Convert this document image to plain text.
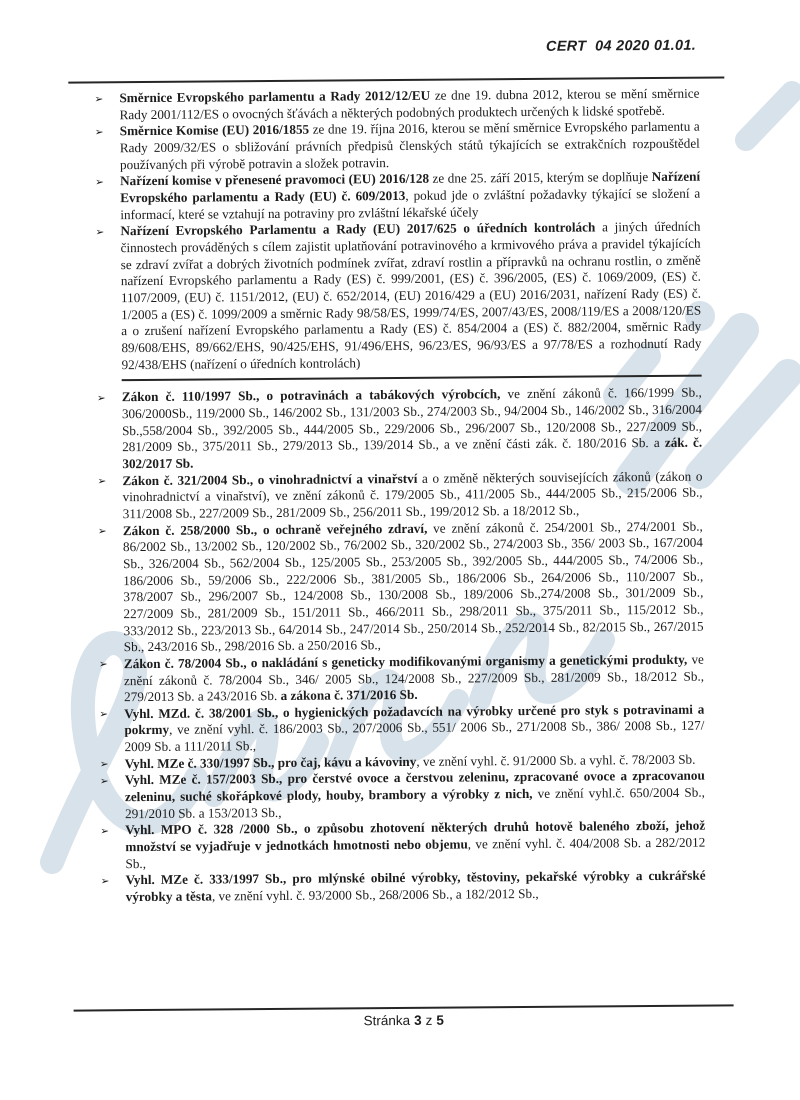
CERT  04 2020 01.01.
➢ Směrnice Evropského parlamentu a Rady 2012/12/EU ze dne 19. dubna 2012, kterou se mění směrnice Rady 2001/112/ES o ovocných šťávách a některých podobných produktech určených k lidské spotřebě.
➢ Směrnice Komise (EU) 2016/1855 ze dne 19. října 2016, kterou se mění směrnice Evropského parlamentu a Rady 2009/32/ES o sbližování právních předpisů členských států týkajících se extrakčních rozpouštědel používaných při výrobě potravin a složek potravin.
➢ Nařízení komise v přenesené pravomoci (EU) 2016/128 ze dne 25. září 2015, kterým se doplňuje Nařízení Evropského parlamentu a Rady (EU) č. 609/2013, pokud jde o zvláštní požadavky týkající se složení a informací, které se vztahují na potraviny pro zvláštní lékařské účely
➢ Nařízení Evropského Parlamentu a Rady (EU) 2017/625 o úředních kontrolách a jiných úředních činnostech prováděných s cílem zajistit uplatňování potravinového a krmivového práva a pravidel týkajících se zdraví zvířat a dobrých životních podmínek zvířat, zdraví rostlin a přípravků na ochranu rostlin, o změně nařízení Evropského parlamentu a Rady (ES) č. 999/2001, (ES) č. 396/2005, (ES) č. 1069/2009, (ES) č. 1107/2009, (EU) č. 1151/2012, (EU) č. 652/2014, (EU) 2016/429 a (EU) 2016/2031, nařízení Rady (ES) č. 1/2005 a (ES) č. 1099/2009 a směrnic Rady 98/58/ES, 1999/74/ES, 2007/43/ES, 2008/119/ES a 2008/120/ES a o zrušení nařízení Evropského parlamentu a Rady (ES) č. 854/2004 a (ES) č. 882/2004, směrnic Rady 89/608/EHS, 89/662/EHS, 90/425/EHS, 91/496/EHS, 96/23/ES, 96/93/ES a 97/78/ES a rozhodnutí Rady 92/438/EHS (nařízení o úředních kontrolách)
➢ Zákon č. 110/1997 Sb., o potravinách a tabákových výrobcích, ve znění zákonů č. 166/1999 Sb., 306/2000Sb., 119/2000 Sb., 146/2002 Sb., 131/2003 Sb., 274/2003 Sb., 94/2004 Sb., 146/2002 Sb., 316/2004 Sb.,558/2004 Sb., 392/2005 Sb., 444/2005 Sb., 229/2006 Sb., 296/2007 Sb., 120/2008 Sb., 227/2009 Sb., 281/2009 Sb., 375/2011 Sb., 279/2013 Sb., 139/2014 Sb., a ve znění části zák. č. 180/2016 Sb. a zák. č. 302/2017 Sb.
➢ Zákon č. 321/2004 Sb., o vinohradnictví a vinařství a o změně některých souvisejících zákonů (zákon o vinohradnictví a vinařství), ve znění zákonů č. 179/2005 Sb., 411/2005 Sb., 444/2005 Sb., 215/2006 Sb., 311/2008 Sb., 227/2009 Sb., 281/2009 Sb., 256/2011 Sb., 199/2012 Sb. a 18/2012 Sb.,
➢ Zákon č. 258/2000 Sb., o ochraně veřejného zdraví, ve znění zákonů č. 254/2001 Sb., 274/2001 Sb., 86/2002 Sb., 13/2002 Sb., 120/2002 Sb., 76/2002 Sb., 320/2002 Sb., 274/2003 Sb., 356/ 2003 Sb., 167/2004 Sb., 326/2004 Sb., 562/2004 Sb., 125/2005 Sb., 253/2005 Sb., 392/2005 Sb., 444/2005 Sb., 74/2006 Sb., 186/2006 Sb., 59/2006 Sb., 222/2006 Sb., 381/2005 Sb., 186/2006 Sb., 264/2006 Sb., 110/2007 Sb., 378/2007 Sb., 296/2007 Sb., 124/2008 Sb., 130/2008 Sb., 189/2006 Sb.,274/2008 Sb., 301/2009 Sb., 227/2009 Sb., 281/2009 Sb., 151/2011 Sb., 466/2011 Sb., 298/2011 Sb., 375/2011 Sb., 115/2012 Sb., 333/2012 Sb., 223/2013 Sb., 64/2014 Sb., 247/2014 Sb., 250/2014 Sb., 252/2014 Sb., 82/2015 Sb., 267/2015 Sb., 243/2016 Sb., 298/2016 Sb. a 250/2016 Sb.,
➢ Zákon č. 78/2004 Sb., o nakládání s geneticky modifikovanými organismy a genetickými produkty, ve znění zákonů č. 78/2004 Sb., 346/ 2005 Sb., 124/2008 Sb., 227/2009 Sb., 281/2009 Sb., 18/2012 Sb., 279/2013 Sb. a 243/2016 Sb. a zákona č. 371/2016 Sb.
➢ Vyhl. MZd. č. 38/2001 Sb., o hygienických požadavcích na výrobky určené pro styk s potravinami a pokrmy, ve znění vyhl. č. 186/2003 Sb., 207/2006 Sb., 551/ 2006 Sb., 271/2008 Sb., 386/ 2008 Sb., 127/ 2009 Sb. a 111/2011 Sb.,
➢ Vyhl. MZe č. 330/1997 Sb., pro čaj, kávu a kávoviny, ve znění vyhl. č. 91/2000 Sb. a vyhl. č. 78/2003 Sb.
➢ Vyhl. MZe č. 157/2003 Sb., pro čerstvé ovoce a čerstvou zeleninu, zpracované ovoce a zpracovanou zeleninu, suché skořápkové plody, houby, brambory a výrobky z nich, ve znění vyhl.č. 650/2004 Sb., 291/2010 Sb. a 153/2013 Sb.,
➢ Vyhl. MPO č. 328 /2000 Sb., o způsobu zhotovení některých druhů hotově baleného zboží, jehož množství se vyjadřuje v jednotkách hmotnosti nebo objemu, ve znění vyhl. č. 404/2008 Sb. a 282/2012 Sb.,
➢ Vyhl. MZe č. 333/1997 Sb., pro mlýnské obilné výrobky, těstoviny, pekařské výrobky a cukrářské výrobky a těsta, ve znění vyhl. č. 93/2000 Sb., 268/2006 Sb., a 182/2012 Sb.,
Stránka 3 z 5
